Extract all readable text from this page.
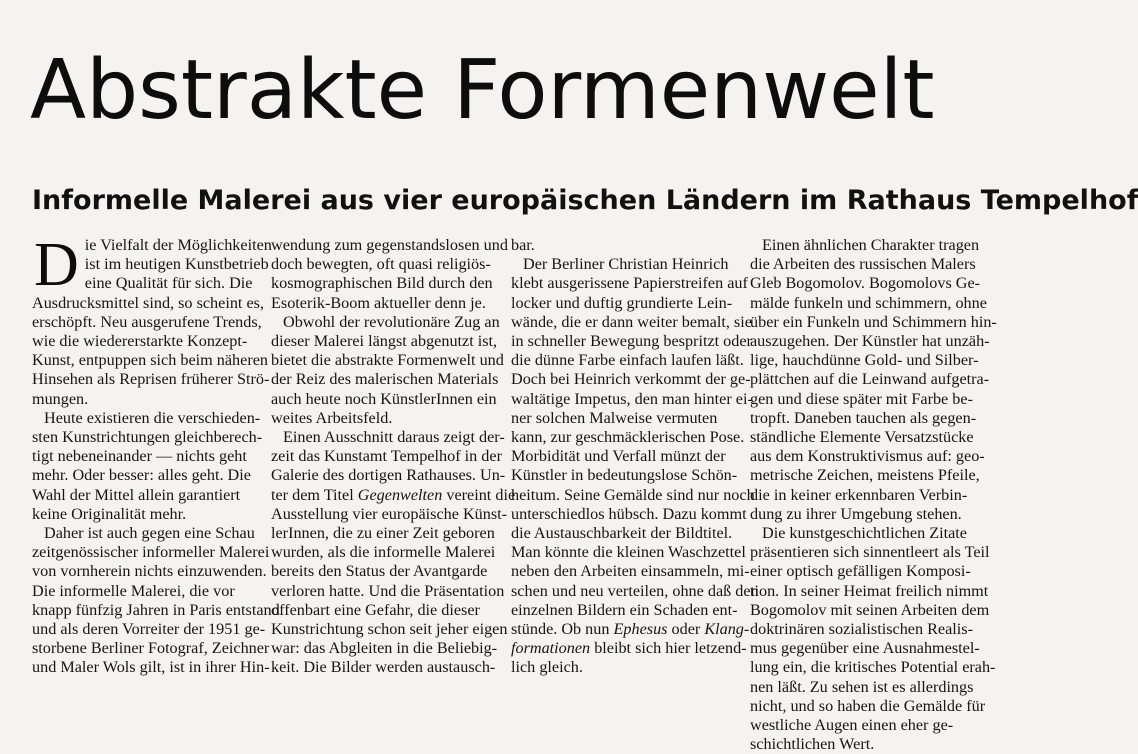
Abstrakte Formenwelt
Informelle Malerei aus vier europäischen Ländern im Rathaus Tempelhof
D ie Vielfalt der Möglichkeiten
ist im heutigen Kunstbetrieb
eine Qualität für sich. Die
Ausdrucksmittel sind, so scheint es,
erschöpft. Neu ausgerufene Trends,
wie die wiedererstarkte Konzept-
Kunst, entpuppen sich beim näheren
Hinsehen als Reprisen früherer Strö-
mungen.
Heute existieren die verschieden-
sten Kunstrichtungen gleichberech-
tigt nebeneinander — nichts geht
mehr. Oder besser: alles geht. Die
Wahl der Mittel allein garantiert
keine Originalität mehr.
Daher ist auch gegen eine Schau
zeitgenössischer informeller Malerei
von vornherein nichts einzuwenden.
Die informelle Malerei, die vor
knapp fünfzig Jahren in Paris entstand
und als deren Vorreiter der 1951 ge-
storbene Berliner Fotograf, Zeichner
und Maler Wols gilt, ist in ihrer Hin-
wendung zum gegenstandslosen und
doch bewegten, oft quasi religiös-
kosmographischen Bild durch den
Esoterik-Boom aktueller denn je.
Obwohl der revolutionäre Zug an
dieser Malerei längst abgenutzt ist,
bietet die abstrakte Formenwelt und
der Reiz des malerischen Materials
auch heute noch KünstlerInnen ein
weites Arbeitsfeld.
Einen Ausschnitt daraus zeigt der-
zeit das Kunstamt Tempelhof in der
Galerie des dortigen Rathauses. Un-
ter dem Titel Gegenwelten vereint die
Ausstellung vier europäische Künst-
lerInnen, die zu einer Zeit geboren
wurden, als die informelle Malerei
bereits den Status der Avantgarde
verloren hatte. Und die Präsentation
offenbart eine Gefahr, die dieser
Kunstrichtung schon seit jeher eigen
war: das Abgleiten in die Beliebig-
keit. Die Bilder werden austausch-
bar.
Der Berliner Christian Heinrich
klebt ausgerissene Papierstreifen auf
locker und duftig grundierte Lein-
wände, die er dann weiter bemalt, sie
in schneller Bewegung bespritzt oder
die dünne Farbe einfach laufen läßt.
Doch bei Heinrich verkommt der ge-
waltätige Impetus, den man hinter ei-
ner solchen Malweise vermuten
kann, zur geschmäcklerischen Pose.
Morbidität und Verfall münzt der
Künstler in bedeutungslose Schön-
heitum. Seine Gemälde sind nur noch
unterschiedlos hübsch. Dazu kommt
die Austauschbarkeit der Bildtitel.
Man könnte die kleinen Waschzettel
neben den Arbeiten einsammeln, mi-
schen und neu verteilen, ohne daß den
einzelnen Bildern ein Schaden ent-
stünde. Ob nun Ephesus oder Klang-
formationen bleibt sich hier letzend-
lich gleich.
Einen ähnlichen Charakter tragen
die Arbeiten des russischen Malers
Gleb Bogomolov. Bogomolovs Ge-
mälde funkeln und schimmern, ohne
über ein Funkeln und Schimmern hin-
auszugehen. Der Künstler hat unzäh-
lige, hauchdünne Gold- und Silber-
plättchen auf die Leinwand aufgetra-
gen und diese später mit Farbe be-
tropft. Daneben tauchen als gegen-
ständliche Elemente Versatzstücke
aus dem Konstruktivismus auf: geo-
metrische Zeichen, meistens Pfeile,
die in keiner erkennbaren Verbin-
dung zu ihrer Umgebung stehen.
Die kunstgeschichtlichen Zitate
präsentieren sich sinnentleert als Teil
einer optisch gefälligen Komposi-
tion. In seiner Heimat freilich nimmt
Bogomolov mit seinen Arbeiten dem
doktrinären sozialistischen Realis-
mus gegenüber eine Ausnahmestel-
lung ein, die kritisches Potential erah-
nen läßt. Zu sehen ist es allerdings
nicht, und so haben die Gemälde für
westliche Augen einen eher ge-
schichtlichen Wert.
